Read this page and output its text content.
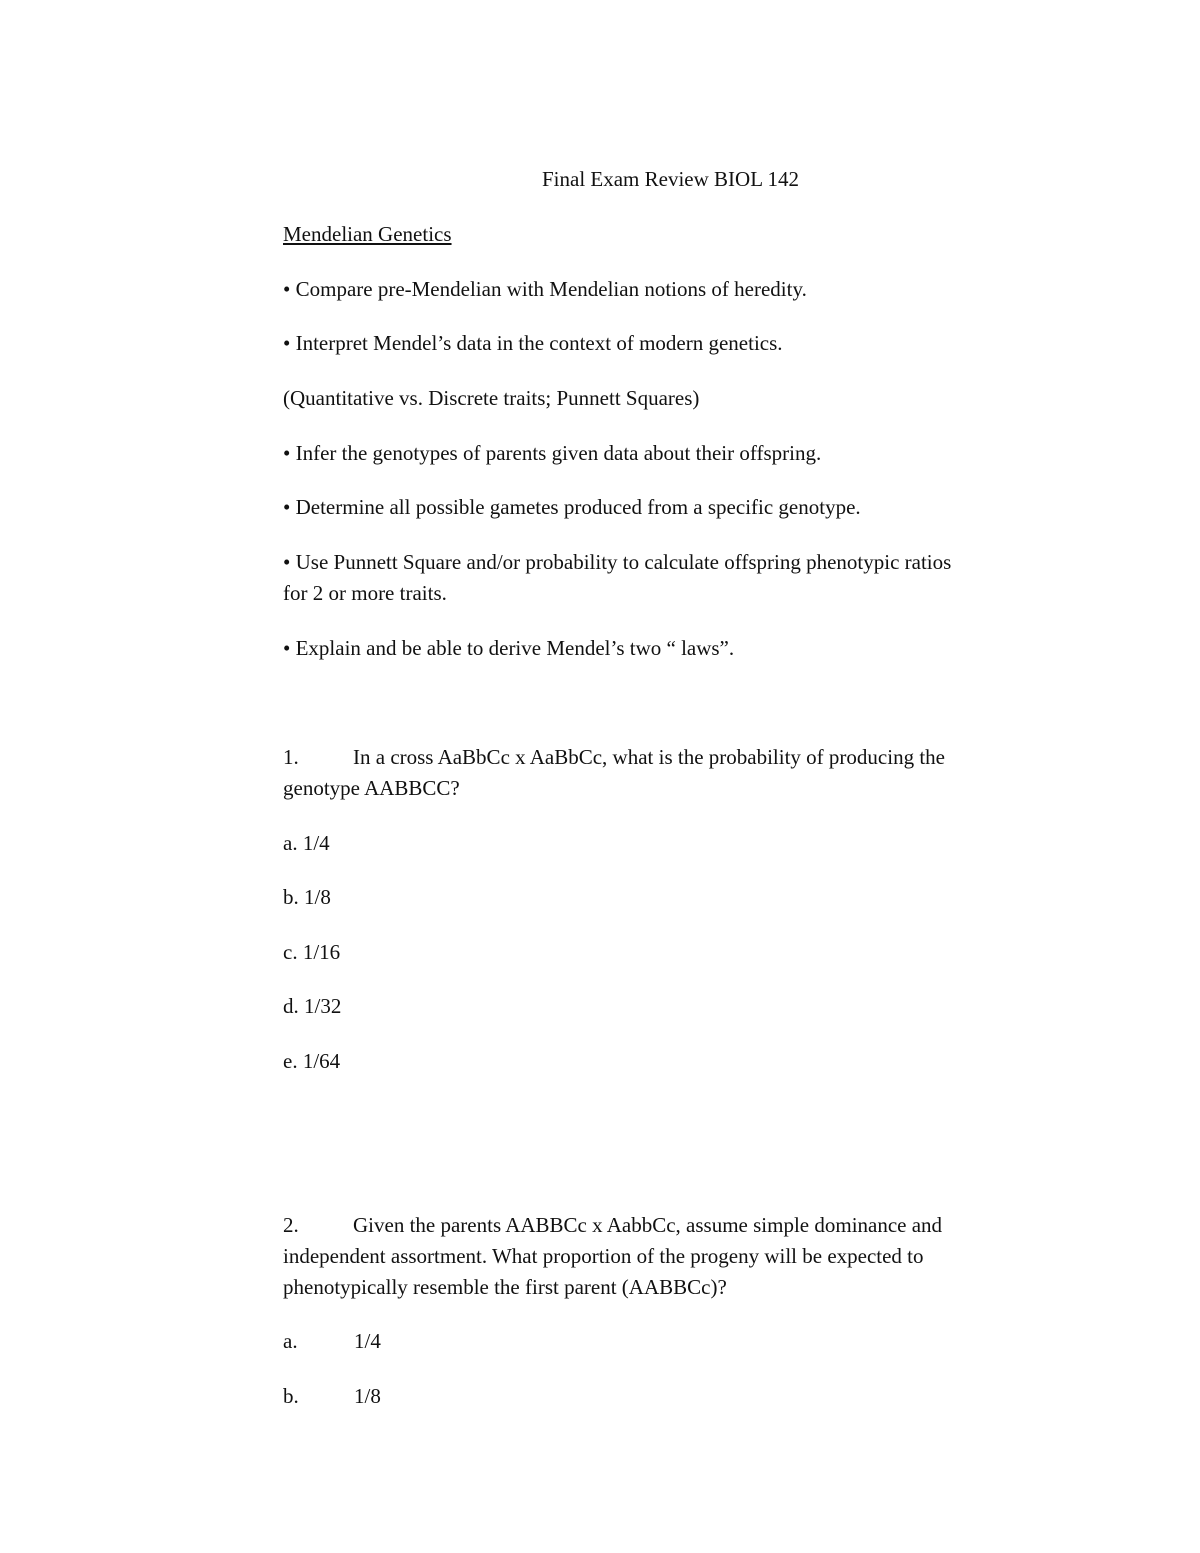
Final Exam Review BIOL 142
Mendelian Genetics
• Compare pre-Mendelian with Mendelian notions of heredity.
• Interpret Mendel’s data in the context of modern genetics.
(Quantitative vs. Discrete traits; Punnett Squares)
• Infer the genotypes of parents given data about their offspring.
• Determine all possible gametes produced from a specific genotype.
• Use Punnett Square and/or probability to calculate offspring phenotypic ratios
for 2 or more traits.
• Explain and be able to derive Mendel’s two “ laws”.
1.	In a cross AaBbCc x AaBbCc, what is the probability of producing the
genotype AABBCC?
a. 1/4
b. 1/8
c. 1/16
d. 1/32
e. 1/64
2.	Given the parents AABBCc x AabbCc, assume simple dominance and
independent assortment. What proportion of the progeny will be expected to
phenotypically resemble the first parent (AABBCc)?
a.	1/4
b.	1/8
